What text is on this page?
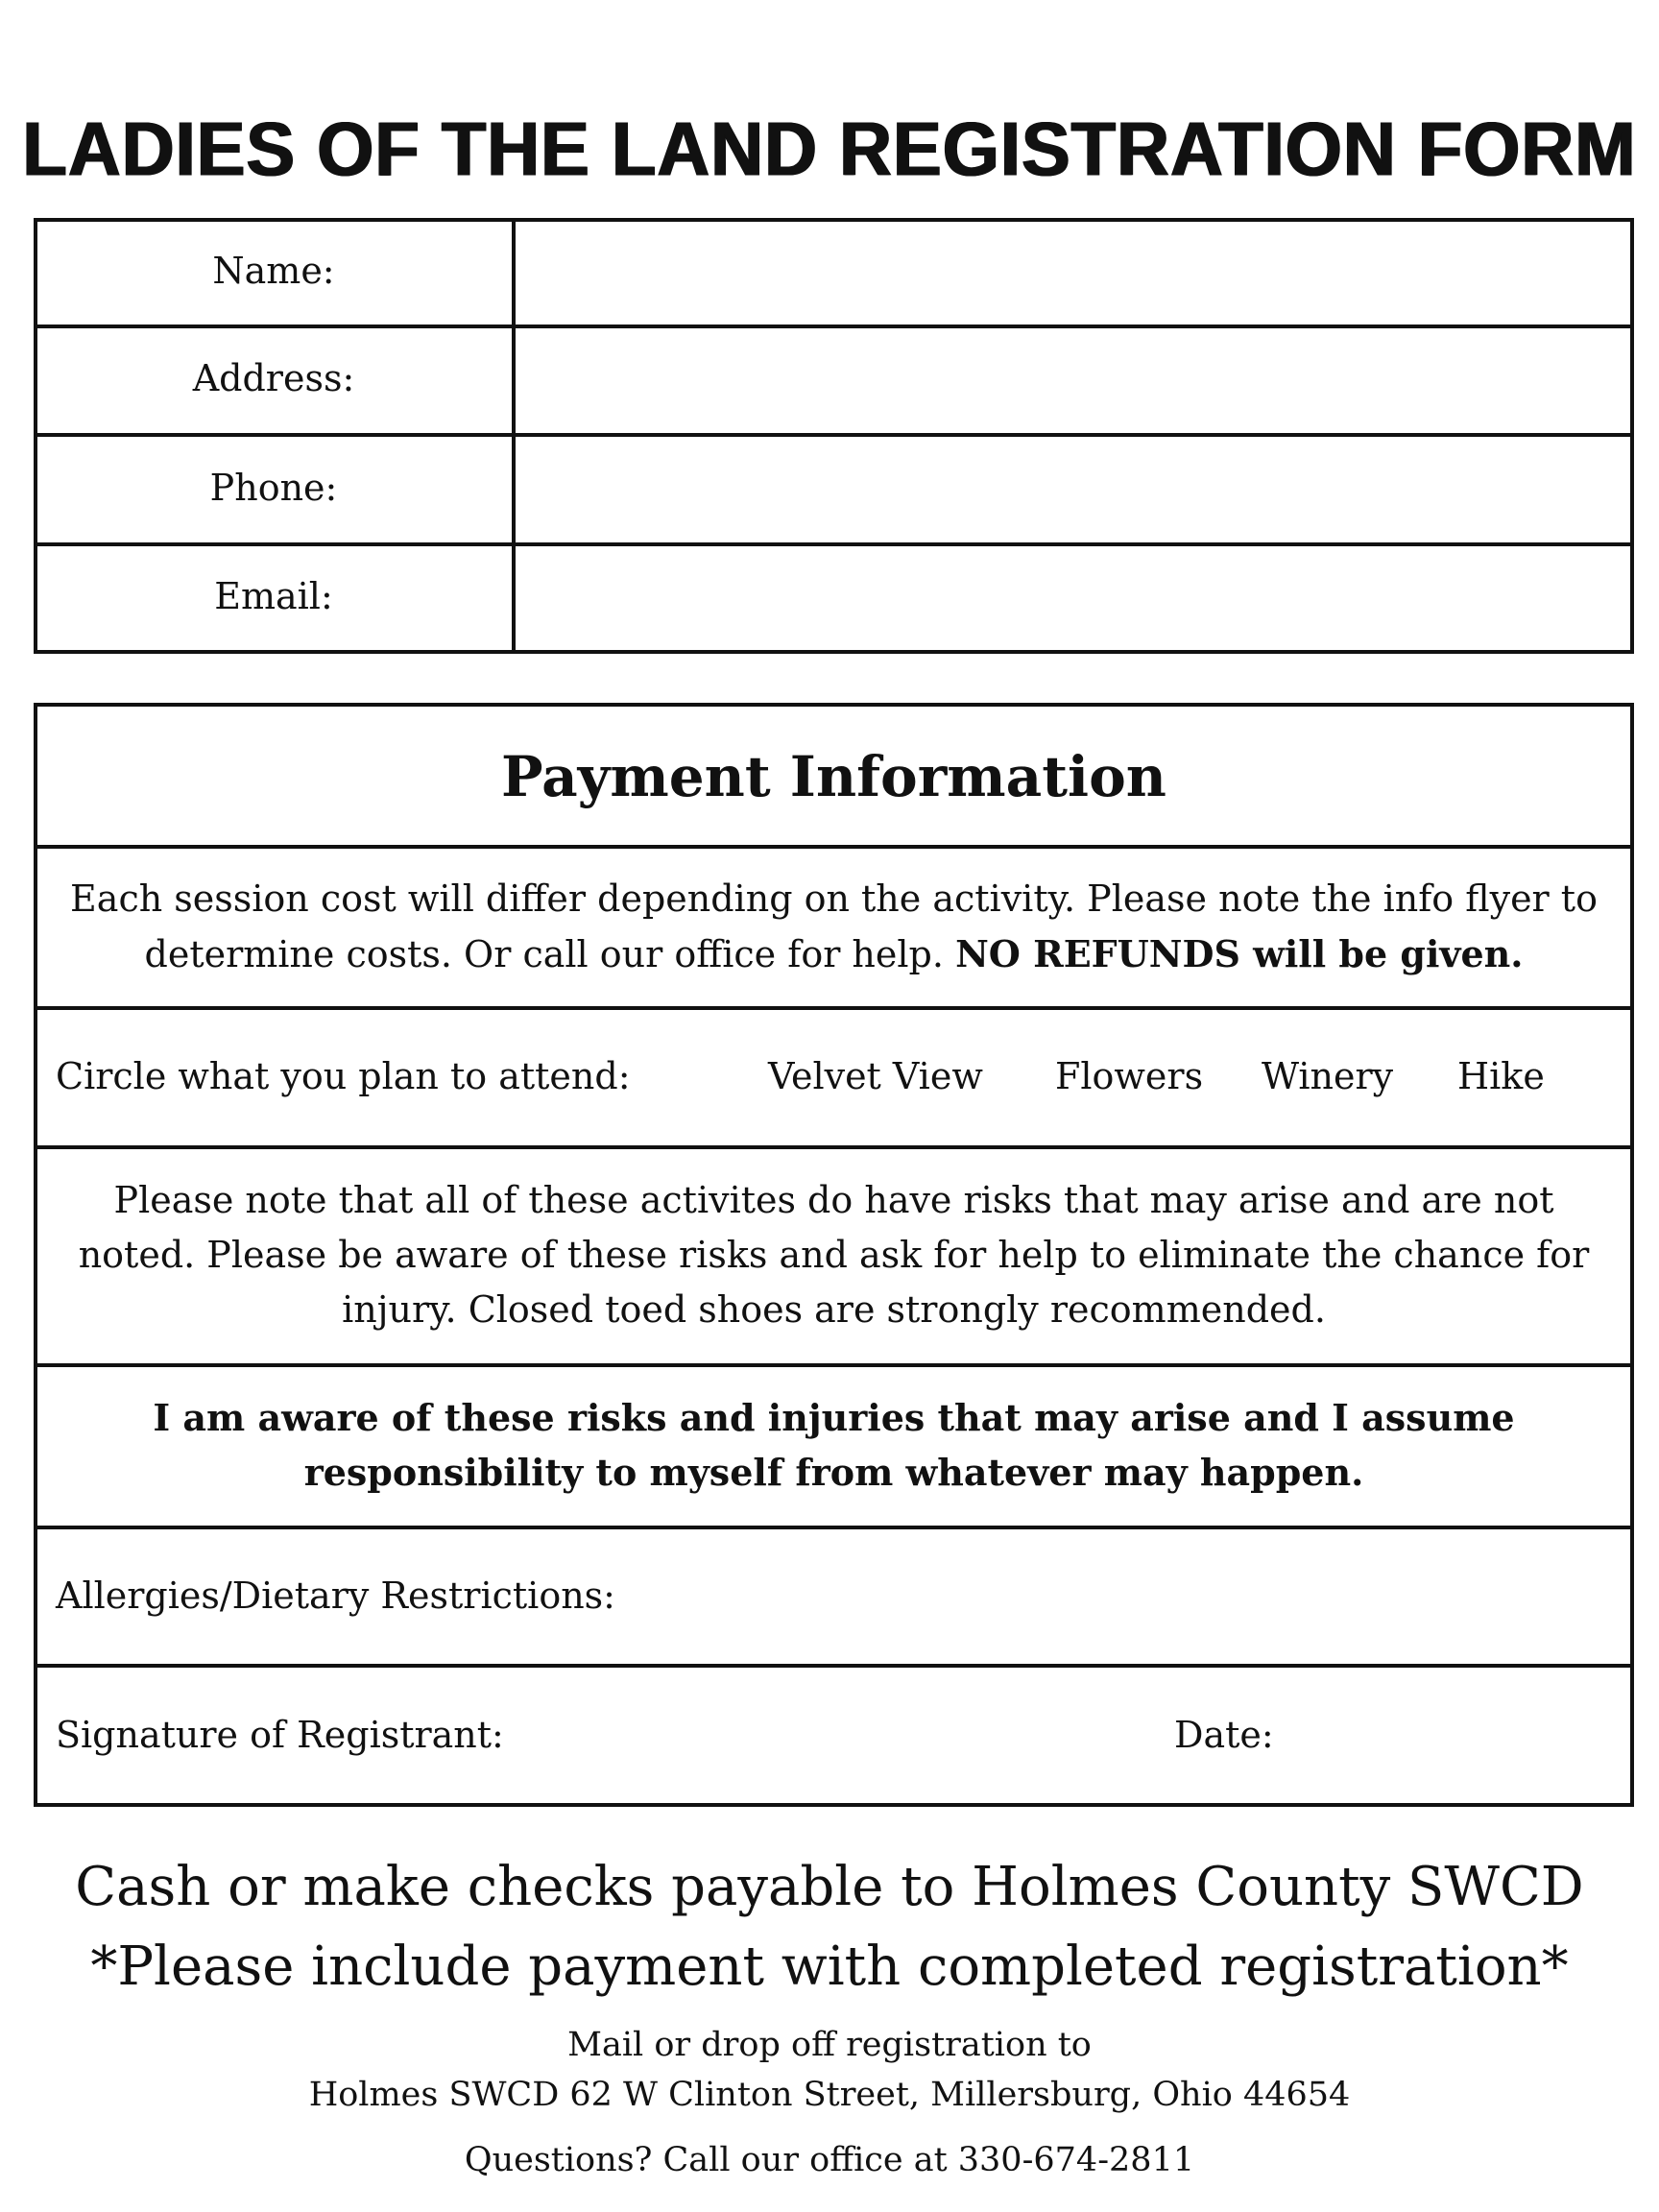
LADIES OF THE LAND REGISTRATION FORM
Name:
Address:
Phone:
Email:
Payment Information
Each session cost will differ depending on the activity. Please note the info flyer to determine costs. Or call our office for help. NO REFUNDS will be given.
Circle what you plan to attend:	Velvet View Flowers Winery Hike
Please note that all of these activites do have risks that may arise and are not noted. Please be aware of these risks and ask for help to eliminate the chance for injury. Closed toed shoes are strongly recommended.
I am aware of these risks and injuries that may arise and I assume responsibility to myself from whatever may happen.
Allergies/Dietary Restrictions:
Signature of Registrant:	Date:
Cash or make checks payable to Holmes County SWCD
*Please include payment with completed registration*
Mail or drop off registration to
Holmes SWCD 62 W Clinton Street, Millersburg, Ohio 44654
Questions? Call our office at 330-674-2811
